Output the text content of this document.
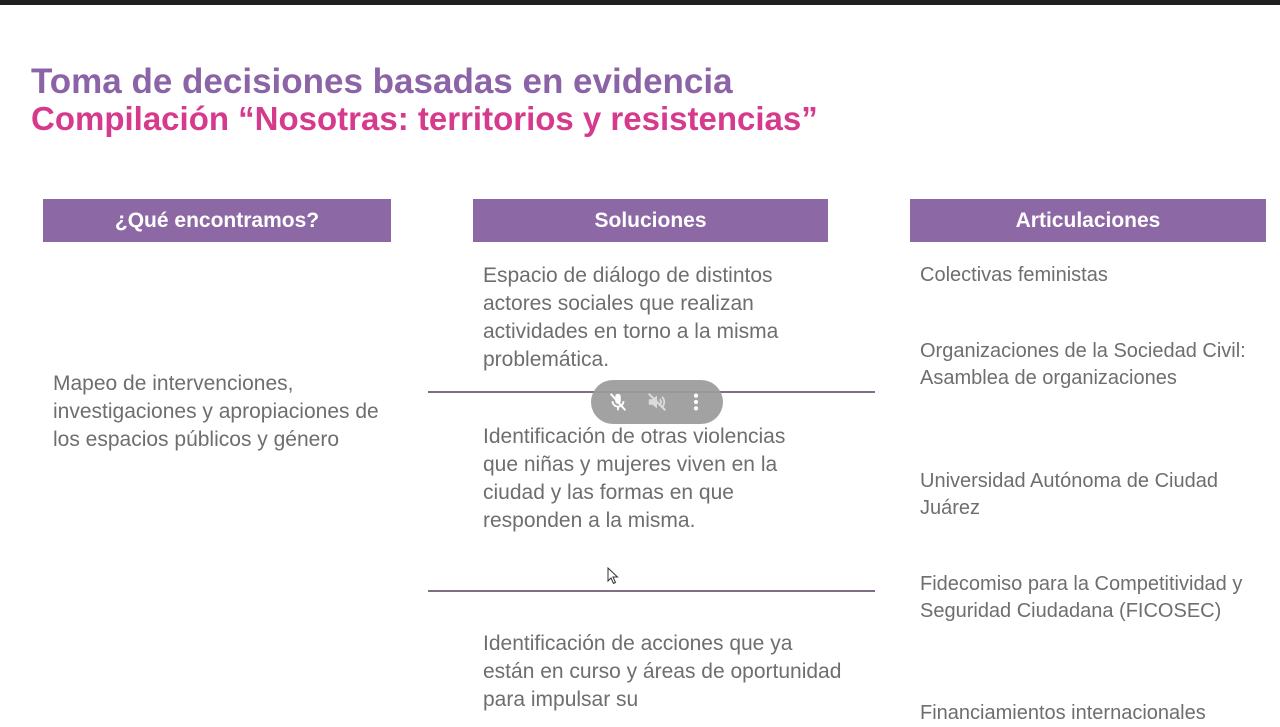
Toma de decisiones basadas en evidencia
Compilación “Nosotras: territorios y resistencias”
¿Qué encontramos?	Soluciones	Articulaciones

Mapeo de intervenciones, investigaciones y apropiaciones de los espacios públicos y género

Espacio de diálogo de distintos actores sociales que realizan actividades en torno a la misma problemática.

Identificación de otras violencias que niñas y mujeres viven en la ciudad y las formas en que responden a la misma.

Identificación de acciones que ya están en curso y áreas de oportunidad para impulsar su

Colectivas feministas

Organizaciones de la Sociedad Civil: Asamblea de organizaciones

Universidad Autónoma de Ciudad Juárez

Fidecomiso para la Competitividad y Seguridad Ciudadana (FICOSEC)

Financiamientos internacionales
